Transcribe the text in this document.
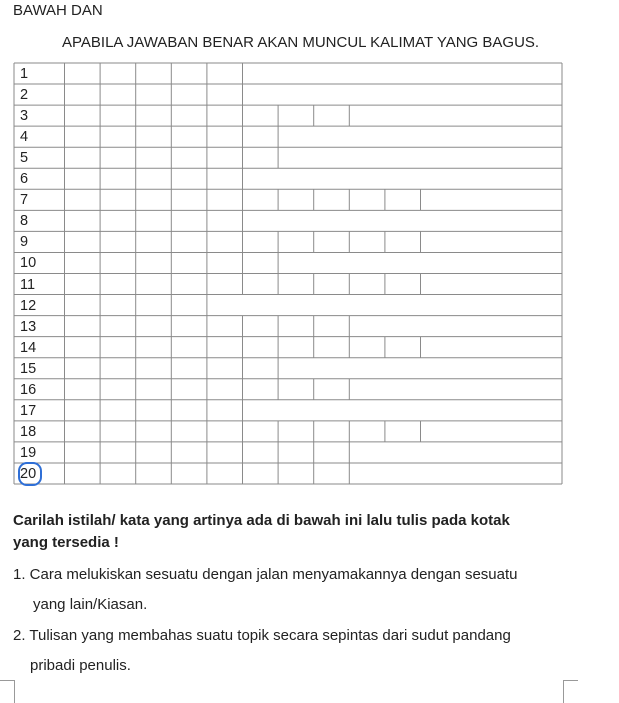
BAWAH DAN
APABILA JAWABAN BENAR AKAN MUNCUL KALIMAT YANG BAGUS.
1
2
3
4
5
6
7
8
9
10
11
12
13
14
15
16
17
18
19
20
Carilah istilah/ kata yang artinya ada di bawah ini lalu tulis pada kotak
yang tersedia !
1. Cara melukiskan sesuatu dengan jalan menyamakannya dengan sesuatu
yang lain/Kiasan.
2. Tulisan yang membahas suatu topik secara sepintas dari sudut pandang
pribadi penulis.
